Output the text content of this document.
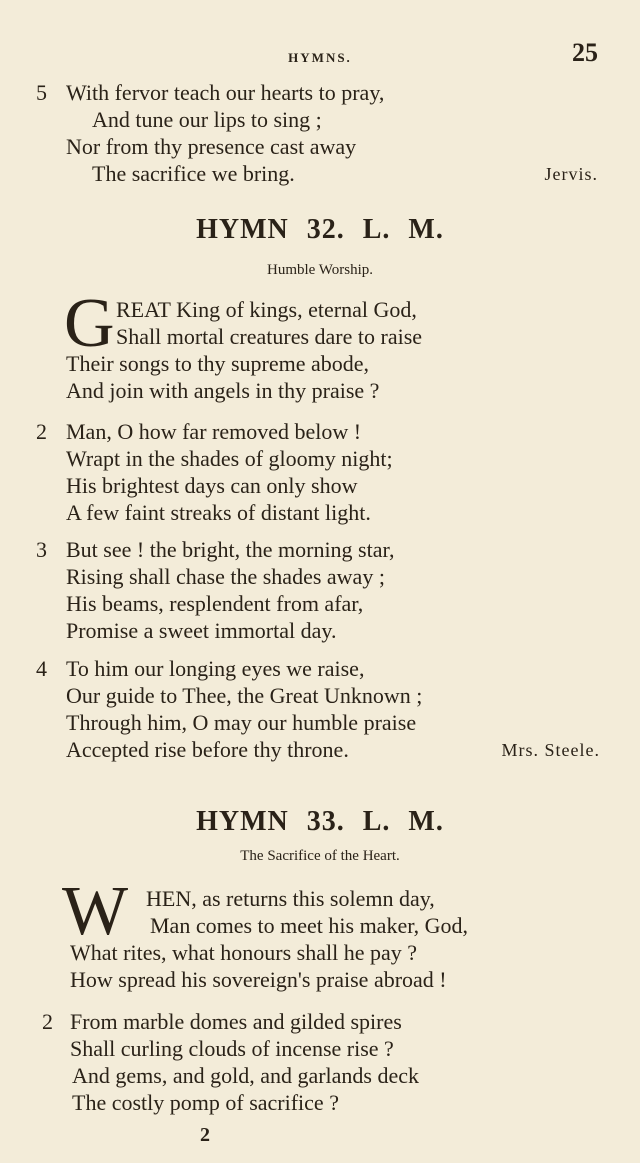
HYMNS.	25
5 With fervor teach our hearts to pray,
And tune our lips to sing ;
Nor from thy presence cast away
The sacrifice we bring.	Jervis.
HYMN 32. L. M.
Humble Worship.
G REAT King of kings, eternal God,
Shall mortal creatures dare to raise
Their songs to thy supreme abode,
And join with angels in thy praise ?
2 Man, O how far removed below !
Wrapt in the shades of gloomy night;
His brightest days can only show
A few faint streaks of distant light.
3 But see ! the bright, the morning star,
Rising shall chase the shades away ;
His beams, resplendent from afar,
Promise a sweet immortal day.
4 To him our longing eyes we raise,
Our guide to Thee, the Great Unknown ;
Through him, O may our humble praise
Accepted rise before thy throne.	Mrs. Steele.
HYMN 33. L. M.
The Sacrifice of the Heart.
W HEN, as returns this solemn day,
Man comes to meet his maker, God,
What rites, what honours shall he pay ?
How spread his sovereign's praise abroad !
2 From marble domes and gilded spires
Shall curling clouds of incense rise ?
And gems, and gold, and garlands deck
The costly pomp of sacrifice ?
2
